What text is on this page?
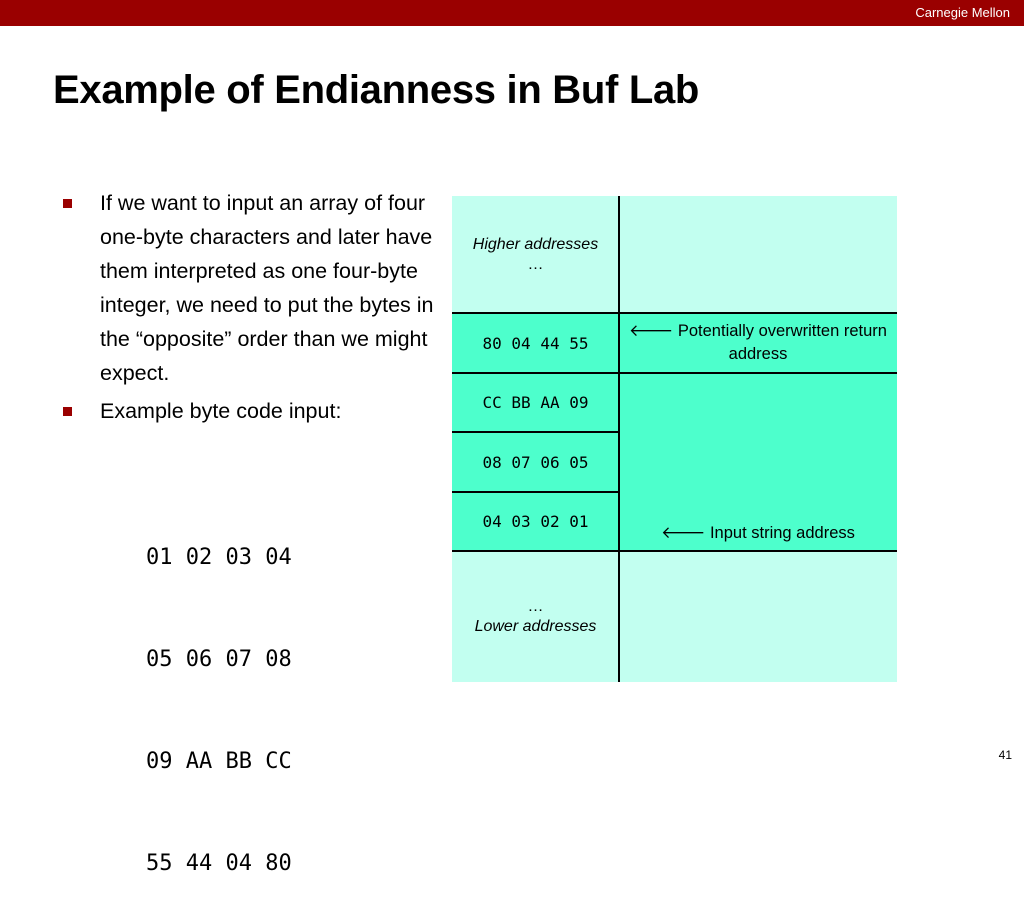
Carnegie Mellon
Example of Endianness in Buf Lab
If we want to input an array of four one-byte characters and later have them interpreted as one four-byte integer, we need to put the bytes in the “opposite” order than we might expect.
Example byte code input:

01 02 03 04

05 06 07 08

09 AA BB CC

55 44 04 80

Higher addresses
…
80 04 44 55
🡐 Potentially overwritten return address
CC BB AA 09
08 07 06 05
04 03 02 01
🡐 Input string address
…
Lower addresses
41
